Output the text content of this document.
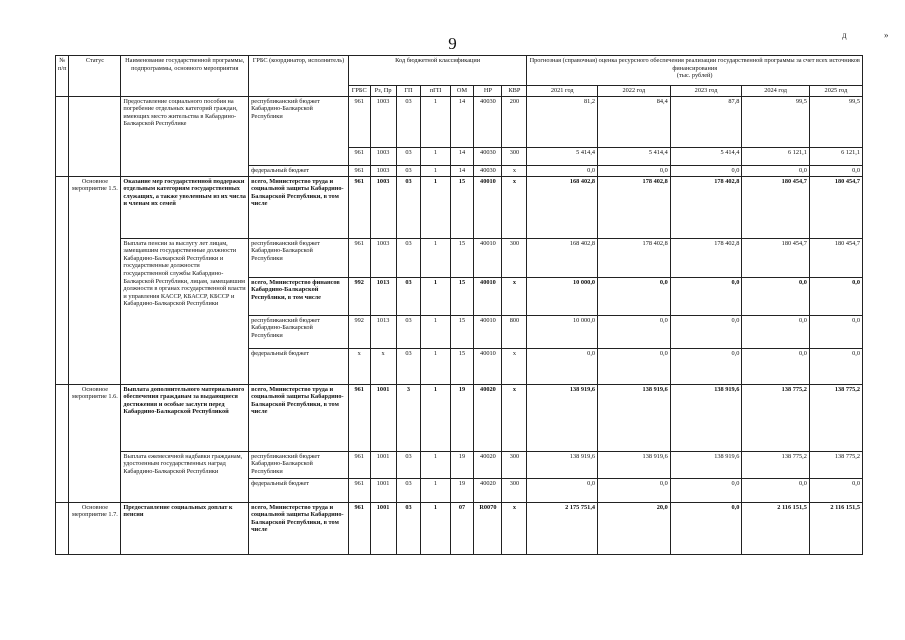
9	д	»
№
п/п	Статус	Наименование государственной программы, подпрограммы, основного мероприятия	ГРБС (координатор, исполнитель)	Код бюджетной классификации							Прогнозная (справочная) оценка ресурсного обеспечения реализации государственной программы за счет всех источников финансирования
(тыс. рублей)				
				ГРБС	Рз, Пр	ГП	пГП	ОМ	НР	КВР	2021 год	2022 год	2023 год	2024 год	2025 год
		Предоставление социального пособия на погребение отдельных категорий граждан, имеющих место жительства в Кабардино-Балкарской Республике	республиканский бюджет Кабардино-Балкарской Республики	961	1003	03	1	14	40030	200	81,2	84,4	87,8	99,5	99,5
				961	1003	03	1	14	40030	300	5 414,4	5 414,4	5 414,4	6 121,1	6 121,1
			федеральный бюджет	961	1003	03	1	14	40030	x	0,0	0,0	0,0	0,0	0,0
	Основное мероприятие 1.5.	Оказание мер государственной поддержки отдельным категориям государственных служащих, а также уволенным из их числа и членам их семей	всего, Министерство труда и социальной защиты Кабардино-Балкарской Республики, в том числе	961	1003	03	1	15	40010	x	168 402,8	178 402,8	178 402,8	180 454,7	180 454,7
		Выплата пенсии за выслугу лет лицам, замещавшим государственные должности Кабардино-Балкарской Республики и государственные должности государственной службы Кабардино-Балкарской Республики, лицам, замещавшим должности в органах государственной власти и управления КАССР, КБАССР, КБССР и Кабардино-Балкарской Республики	республиканский бюджет Кабардино-Балкарской Республики	961	1003	03	1	15	40010	300	168 402,8	178 402,8	178 402,8	180 454,7	180 454,7
			всего, Министерство финансов Кабардино-Балкарской Республики, в том числе	992	1013	03	1	15	40010	x	10 000,0	0,0	0,0	0,0	0,0
			республиканский бюджет Кабардино-Балкарской Республики	992	1013	03	1	15	40010	800	10 000,0	0,0	0,0	0,0	0,0
			федеральный бюджет	x	x	03	1	15	40010	x	0,0	0,0	0,0	0,0	0,0
	Основное мероприятие 1.6.	Выплата дополнительного материального обеспечения гражданам за выдающиеся достижения и особые заслуги перед Кабардино-Балкарской Республикой	всего, Министерство труда и социальной защиты Кабардино-Балкарской Республики, в том числе	961	1001	3	1	19	40020	x	138 919,6	138 919,6	138 919,6	138 775,2	138 775,2
		Выплата ежемесячной надбавки гражданам, удостоенным государственных наград Кабардино-Балкарской Республики	республиканский бюджет Кабардино-Балкарской Республики	961	1001	03	1	19	40020	300	138 919,6	138 919,6	138 919,6	138 775,2	138 775,2
			федеральный бюджет	961	1001	03	1	19	40020	300	0,0	0,0	0,0	0,0	0,0
	Основное мероприятие 1.7.	Предоставление социальных доплат к пенсии	всего, Министерство труда и социальной защиты Кабардино-Балкарской Республики, в том числе	961	1001	03	1	07	R0070	x	2 175 751,4	20,0	0,0	2 116 151,5	2 116 151,5
